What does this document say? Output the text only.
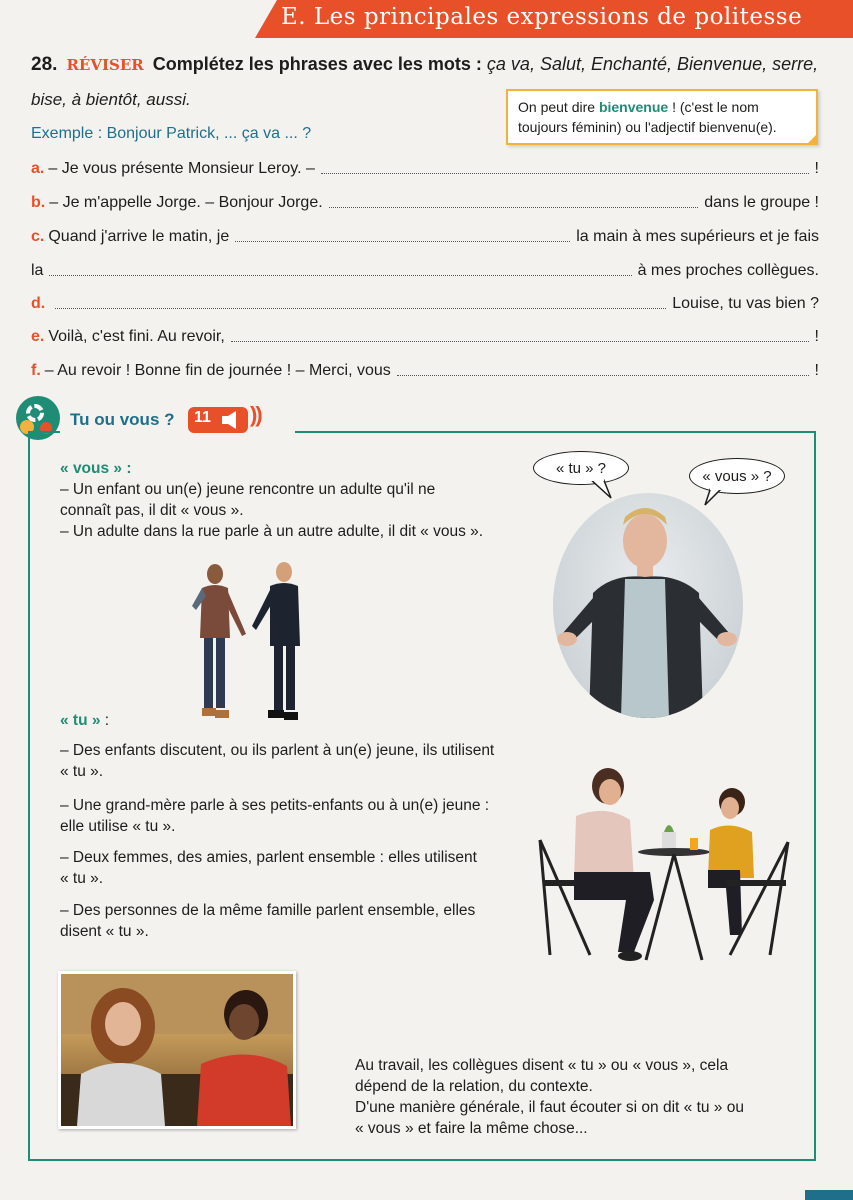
E. Les principales expressions de politesse
28. RÉVISER Complétez les phrases avec les mots : ça va, Salut, Enchanté, Bienvenue, serre,
bise, à bientôt, aussi.	On peut dire bienvenue ! (c'est le nom toujours féminin) ou l'adjectif bienvenu(e).
Exemple : Bonjour Patrick, ... ça va ... ?
a. – Je vous présente Monsieur Leroy. –	!
b. – Je m'appelle Jorge. – Bonjour Jorge.	dans le groupe !
c. Quand j'arrive le matin, je	la main à mes supérieurs et je fais
la	à mes proches collègues.
d.	Louise, tu vas bien ?
e. Voilà, c'est fini. Au revoir,	!
f. – Au revoir ! Bonne fin de journée ! – Merci, vous	!
Tu ou vous ?	11	))
« vous » :
– Un enfant ou un(e) jeune rencontre un adulte qu'il ne
connaît pas, il dit « vous ».
– Un adulte dans la rue parle à un autre adulte, il dit « vous ».
« tu » ?	« vous » ?
« tu » :
– Des enfants discutent, ou ils parlent à un(e) jeune, ils utilisent
« tu ».
– Une grand-mère parle à ses petits-enfants ou à un(e) jeune :
elle utilise « tu ».
– Deux femmes, des amies, parlent ensemble : elles utilisent
« tu ».
– Des personnes de la même famille parlent ensemble, elles
disent « tu ».
Au travail, les collègues disent « tu » ou « vous », cela
dépend de la relation, du contexte.
D'une manière générale, il faut écouter si on dit « tu » ou
« vous » et faire la même chose...
